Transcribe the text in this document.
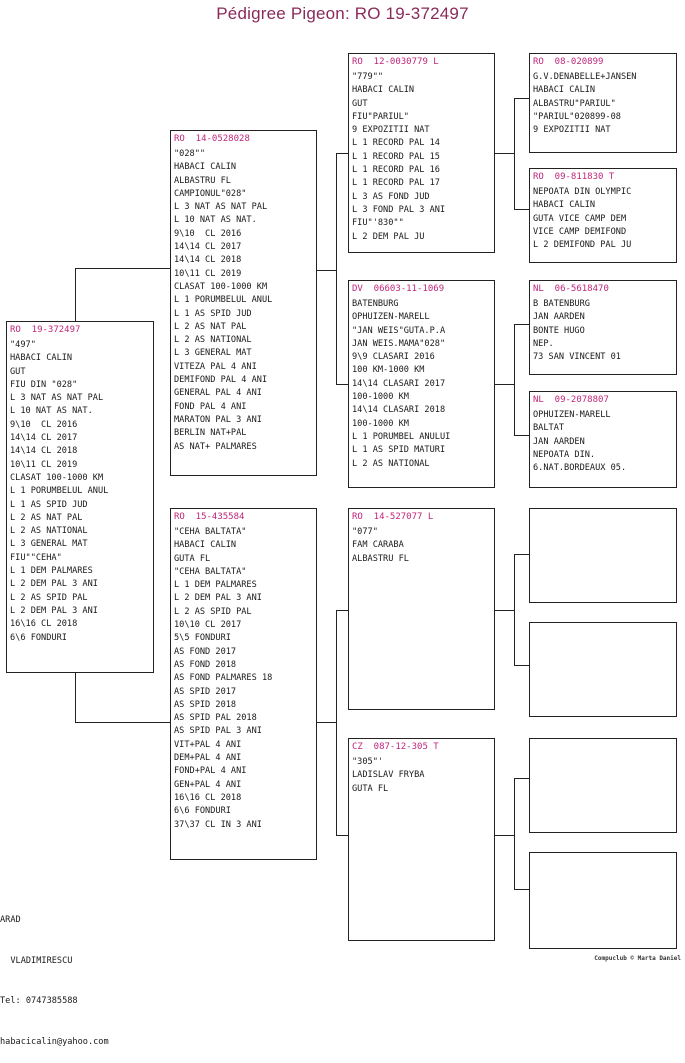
Pédigree Pigeon: RO 19-372497
RO  19-372497
"497"
HABACI CALIN
GUT
FIU DIN "028"
L 3 NAT AS NAT PAL
L 10 NAT AS NAT.
9\10  CL 2016
14\14 CL 2017
14\14 CL 2018
10\11 CL 2019
CLASAT 100-1000 KM
L 1 PORUMBELUL ANUL
L 1 AS SPID JUD
L 2 AS NAT PAL
L 2 AS NATIONAL
L 3 GENERAL MAT
FIU""CEHA"
L 1 DEM PALMARES
L 2 DEM PAL 3 ANI
L 2 AS SPID PAL
L 2 DEM PAL 3 ANI
16\16 CL 2018
6\6 FONDURI
RO  14-0528028
"028""
HABACI CALIN
ALBASTRU FL
CAMPIONUL"028"
L 3 NAT AS NAT PAL
L 10 NAT AS NAT.
9\10  CL 2016
14\14 CL 2017
14\14 CL 2018
10\11 CL 2019
CLASAT 100-1000 KM
L 1 PORUMBELUL ANUL
L 1 AS SPID JUD
L 2 AS NAT PAL
L 2 AS NATIONAL
L 3 GENERAL MAT
VITEZA PAL 4 ANI
DEMIFOND PAL 4 ANI
GENERAL PAL 4 ANI
FOND PAL 4 ANI
MARATON PAL 3 ANI
BERLIN NAT+PAL
AS NAT+ PALMARES
RO  15-435584
"CEHA BALTATA"
HABACI CALIN
GUTA FL
"CEHA BALTATA"
L 1 DEM PALMARES
L 2 DEM PAL 3 ANI
L 2 AS SPID PAL
10\10 CL 2017
5\5 FONDURI
AS FOND 2017
AS FOND 2018
AS FOND PALMARES 18
AS SPID 2017
AS SPID 2018
AS SPID PAL 2018
AS SPID PAL 3 ANI
VIT+PAL 4 ANI
DEM+PAL 4 ANI
FOND+PAL 4 ANI
GEN+PAL 4 ANI
16\16 CL 2018
6\6 FONDURI
37\37 CL IN 3 ANI
RO  12-0030779 L
"779""
HABACI CALIN
GUT
FIU"PARIUL"
9 EXPOZITII NAT
L 1 RECORD PAL 14
L 1 RECORD PAL 15
L 1 RECORD PAL 16
L 1 RECORD PAL 17
L 3 AS FOND JUD
L 3 FOND PAL 3 ANI
FIU"'830""
L 2 DEM PAL JU
DV  06603-11-1069
BATENBURG
OPHUIZEN-MARELL
"JAN WEIS"GUTA.P.A
JAN WEIS.MAMA"028"
9\9 CLASARI 2016
100 KM-1000 KM
14\14 CLASARI 2017
100-1000 KM
14\14 CLASARI 2018
100-1000 KM
L 1 PORUMBEL ANULUI
L 1 AS SPID MATURI
L 2 AS NATIONAL
RO  14-527077 L
"077"
FAM CARABA
ALBASTRU FL
CZ  087-12-305 T
"305"'
LADISLAV FRYBA
GUTA FL
RO  08-020899
G.V.DENABELLE+JANSEN
HABACI CALIN
ALBASTRU"PARIUL"
"PARIUL"020899-08
9 EXPOZITII NAT
RO  09-811830 T
NEPOATA DIN OLYMPIC
HABACI CALIN
GUTA VICE CAMP DEM
VICE CAMP DEMIFOND
L 2 DEMIFOND PAL JU
NL  06-5618470
B BATENBURG
JAN AARDEN
BONTE HUGO
NEP.
73 SAN VINCENT 01
NL  09-2078807
OPHUIZEN-MARELL
BALTAT
JAN AARDEN
NEPOATA DIN.
6.NAT.BORDEAUX 05.

ARAD

VLADIMIRESCU

Tel: 0747385588

habacicalin@yahoo.com

Compuclub © Marta Daniel
